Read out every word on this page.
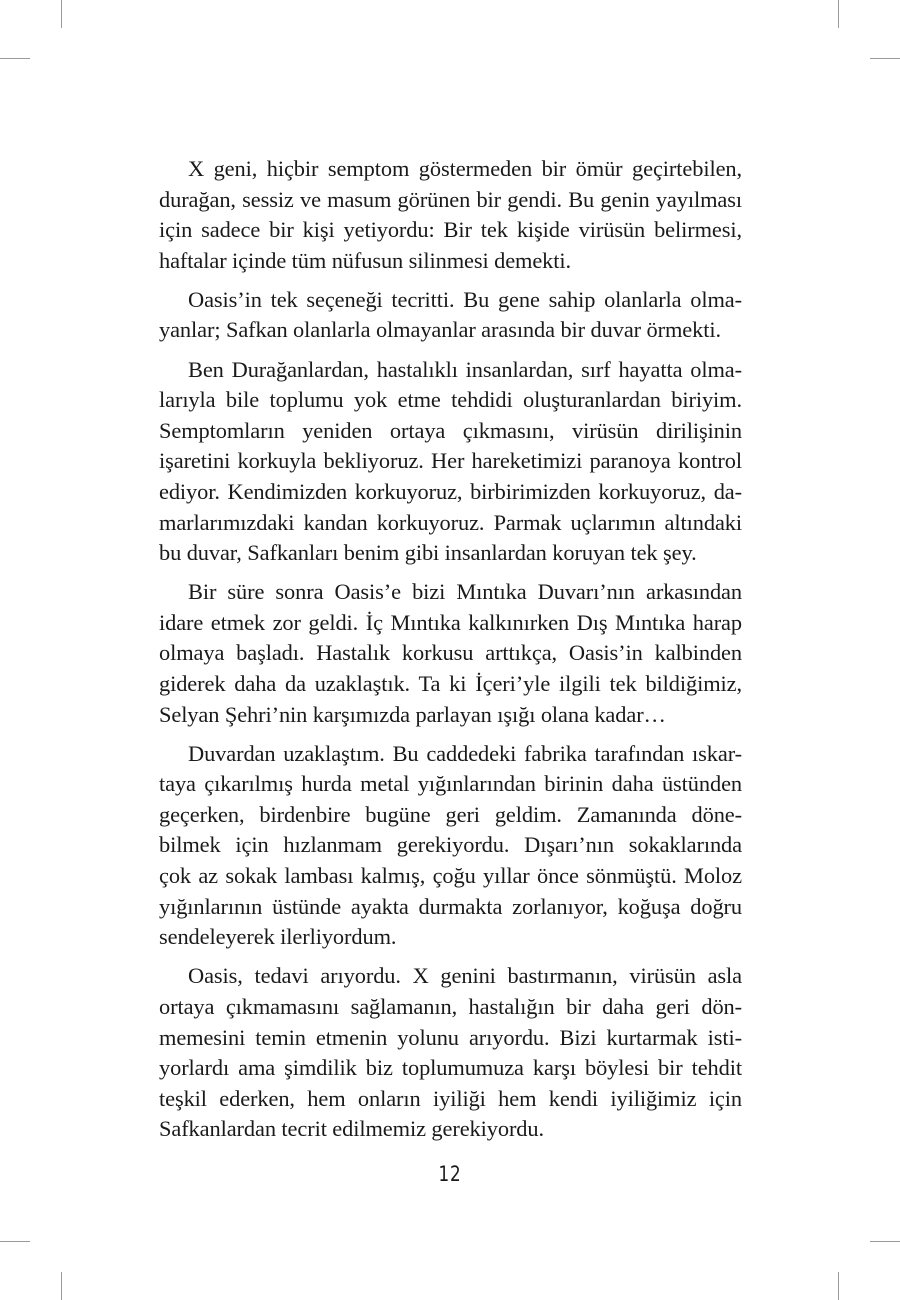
X geni, hiçbir semptom göstermeden bir ömür geçirtebilen,
durağan, sessiz ve masum görünen bir gendi. Bu genin yayılması
için sadece bir kişi yetiyordu: Bir tek kişide virüsün belirmesi,
haftalar içinde tüm nüfusun silinmesi demekti.
Oasis’in tek seçeneği tecritti. Bu gene sahip olanlarla olma-
yanlar; Safkan olanlarla olmayanlar arasında bir duvar örmekti.
Ben Durağanlardan, hastalıklı insanlardan, sırf hayatta olma-
larıyla bile toplumu yok etme tehdidi oluşturanlardan biriyim.
Semptomların yeniden ortaya çıkmasını, virüsün dirilişinin
işaretini korkuyla bekliyoruz. Her hareketimizi paranoya kontrol
ediyor. Kendimizden korkuyoruz, birbirimizden korkuyoruz, da-
marlarımızdaki kandan korkuyoruz. Parmak uçlarımın altındaki
bu duvar, Safkanları benim gibi insanlardan koruyan tek şey.
Bir süre sonra Oasis’e bizi Mıntıka Duvarı’nın arkasından
idare etmek zor geldi. İç Mıntıka kalkınırken Dış Mıntıka harap
olmaya başladı. Hastalık korkusu arttıkça, Oasis’in kalbinden
giderek daha da uzaklaştık. Ta ki İçeri’yle ilgili tek bildiğimiz,
Selyan Şehri’nin karşımızda parlayan ışığı olana kadar…
Duvardan uzaklaştım. Bu caddedeki fabrika tarafından ıskar-
taya çıkarılmış hurda metal yığınlarından birinin daha üstünden
geçerken, birdenbire bugüne geri geldim. Zamanında döne-
bilmek için hızlanmam gerekiyordu. Dışarı’nın sokaklarında
çok az sokak lambası kalmış, çoğu yıllar önce sönmüştü. Moloz
yığınlarının üstünde ayakta durmakta zorlanıyor, koğuşa doğru
sendeleyerek ilerliyordum.
Oasis, tedavi arıyordu. X genini bastırmanın, virüsün asla
ortaya çıkmamasını sağlamanın, hastalığın bir daha geri dön-
memesini temin etmenin yolunu arıyordu. Bizi kurtarmak isti-
yorlardı ama şimdilik biz toplumumuza karşı böylesi bir tehdit
teşkil ederken, hem onların iyiliği hem kendi iyiliğimiz için
Safkanlardan tecrit edilmemiz gerekiyordu.
12
